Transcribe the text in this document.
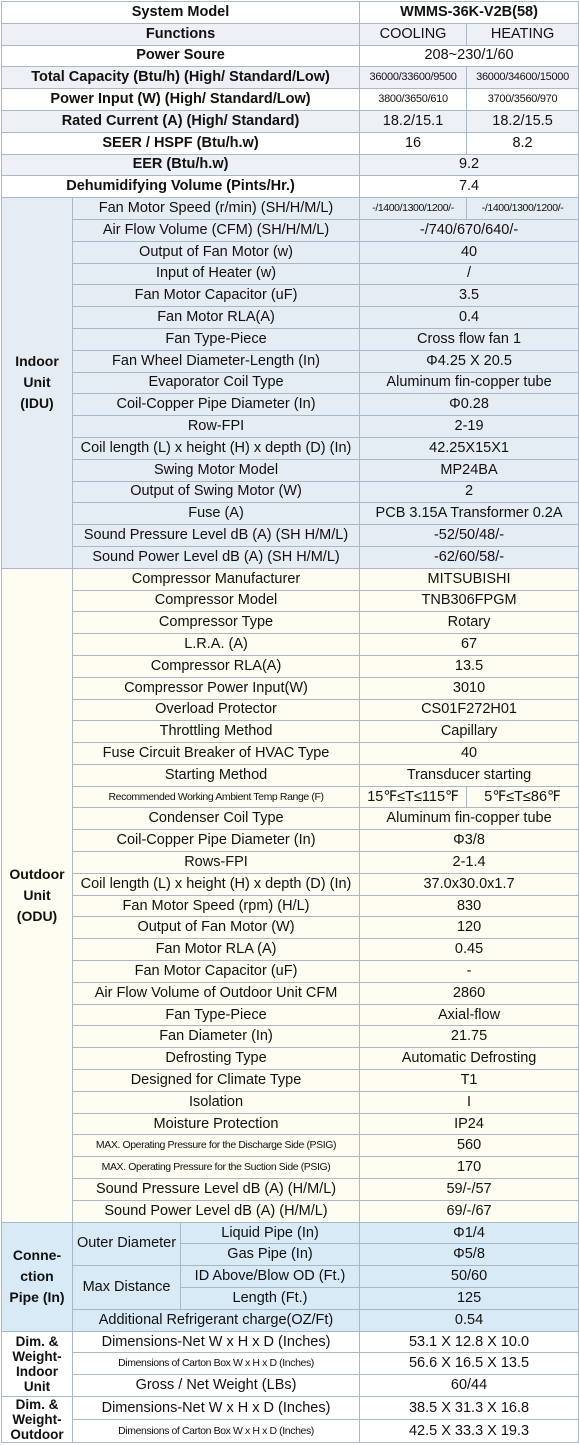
System Model			WMMS-36K-V2B(58)	
Functions			COOLING	HEATING
Power Soure			208~230/1/60	
Total Capacity (Btu/h) (High/ Standard/Low)			36000/33600/9500	36000/34600/15000
Power Input (W) (High/ Standard/Low)			3800/3650/610	3700/3560/970
Rated Current (A) (High/ Standard)			18.2/15.1	18.2/15.5
SEER / HSPF (Btu/h.w)			16	8.2
EER (Btu/h.w)			9.2	
Dehumidifying Volume (Pints/Hr.)			7.4	
Indoor
Unit
(IDU)	Fan Motor Speed (r/min) (SH/H/M/L)		-/1400/1300/1200/-	-/1400/1300/1200/-
	Air Flow Volume (CFM) (SH/H/M/L)		-/740/670/640/-	
	Output of Fan Motor (w)		40	
	Input of Heater (w)		/	
	Fan Motor Capacitor (uF)		3.5	
	Fan Motor RLA(A)		0.4	
	Fan Type-Piece		Cross flow fan 1	
	Fan Wheel Diameter-Length (In)		Φ4.25 X 20.5	
	Evaporator Coil Type		Aluminum fin-copper tube	
	Coil-Copper Pipe Diameter (In)		Φ0.28	
	Row-FPI		2-19	
	Coil length (L) x height (H) x depth (D) (In)		42.25X15X1	
	Swing Motor Model		MP24BA	
	Output of Swing Motor (W)		2	
	Fuse (A)		PCB 3.15A Transformer 0.2A	
	Sound Pressure Level dB (A) (SH H/M/L)		-52/50/48/-	
	Sound Power Level dB (A) (SH H/M/L)		-62/60/58/-	
Outdoor
Unit
(ODU)	Compressor Manufacturer		MITSUBISHI	
	Compressor Model		TNB306FPGM	
	Compressor Type		Rotary	
	L.R.A. (A)		67	
	Compressor RLA(A)		13.5	
	Compressor Power Input(W)		3010	
	Overload Protector		CS01F272H01	
	Throttling Method		Capillary	
	Fuse Circuit Breaker of HVAC Type		40	
	Starting Method		Transducer starting	
	Recommended Working Ambient Temp Range (F)		15℉≤T≤115℉	5℉≤T≤86℉
	Condenser Coil Type		Aluminum fin-copper tube	
	Coil-Copper Pipe Diameter (In)		Φ3/8	
	Rows-FPI		2-1.4	
	Coil length (L) x height (H) x depth (D) (In)		37.0x30.0x1.7	
	Fan Motor Speed (rpm) (H/L)		830	
	Output of Fan Motor (W)		120	
	Fan Motor RLA (A)		0.45	
	Fan Motor Capacitor (uF)		-	
	Air Flow Volume of Outdoor Unit CFM		2860	
	Fan Type-Piece		Axial-flow	
	Fan Diameter (In)		21.75	
	Defrosting Type		Automatic Defrosting	
	Designed for Climate Type		T1	
	Isolation		I	
	Moisture Protection		IP24	
	MAX. Operating Pressure for the Discharge Side (PSIG)		560	
	MAX. Operating Pressure for the Suction Side (PSIG)		170	
	Sound Pressure Level dB (A) (H/M/L)		59/-/57	
	Sound Power Level dB (A) (H/M/L)		69/-/67	
Conne-
ction
Pipe (In)	Outer Diameter	Liquid Pipe (In)	Φ1/4	
		Gas Pipe (In)	Φ5/8	
	Max Distance	ID Above/Blow OD (Ft.)	50/60	
		Length (Ft.)	125	
	Additional Refrigerant charge(OZ/Ft)		0.54	
Dim. &
Weight-
Indoor
Unit	Dimensions-Net W x H x D (Inches)		53.1 X 12.8 X 10.0	
	Dimensions of Carton Box W x H x D (Inches)		56.6 X 16.5 X 13.5	
	Gross / Net Weight (LBs)		60/44	
Dim. &
Weight-
Outdoor	Dimensions-Net W x H x D (Inches)		38.5 X 31.3 X 16.8	
	Dimensions of Carton Box W x H x D (Inches)		42.5 X 33.3 X 19.3	
